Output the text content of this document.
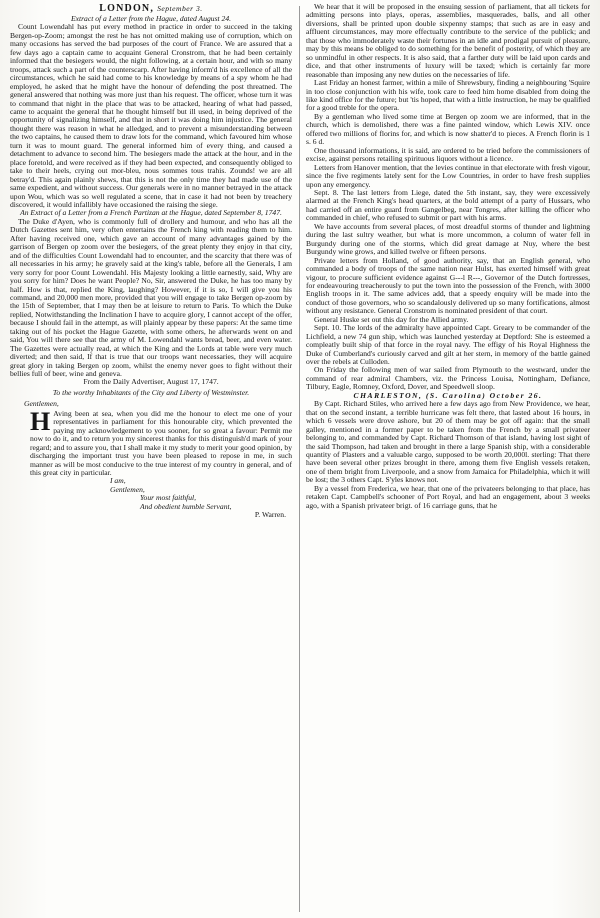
LONDON, September 3.

Extract of a Letter from the Hague, dated August 24.

Count Lowendahl has put every method in practice in order to succeed in the taking Bergen-op-Zoom; amongst the rest he has not omitted making use of corruption, which on many occasions has served the bad purposes of the court of France. We are assured that a few days ago a captain came to acquaint General Cronstrom, that he had been certainly informed that the besiegers would, the night following, at a certain hour, and with so many troops, attack such a part of the counterscarp. After having inform'd his excellence of all the circumstances, which he said had come to his knowledge by means of a spy whom he had employed, he asked that he might have the honour of defending the post threatned. The general answered that nothing was more just than his request. The officer, whose turn it was to command that night in the place that was to be attacked, hearing of what had passed, came to acquaint the general that he thought himself but ill used, in being deprived of the opportunity of signalizing himself, and that in short it was doing him injustice. The general thought there was reason in what he alledged, and to prevent a misunderstanding between the two captains, he caused them to draw lots for the command, which favoured him whose turn it was to mount guard. The general informed him of every thing, and caused a detachment to advance to second him. The besiegers made the attack at the hour, and in the place foretold, and were received as if they had been expected, and consequently obliged to take to their heels, crying out mor-bleu, nous sommes tous trahis. Zounds! we are all betray'd. This again plainly shews, that this is not the only time they had made use of the same expedient, and without success. Our generals were in no manner betrayed in the attack upon Wou, which was so well regulated a scene, that in case it had not been by treachery discovered, it would infallibly have occasioned the raising the siege.

An Extract of a Letter from a French Partizan at the Hague, dated September 8, 1747.

The Duke d'Ayen, who is commonly full of drollery and humour, and who has all the Dutch Gazettes sent him, very often entertains the French king with reading them to him. After having received one, which gave an account of many advantages gained by the garrison of Bergen op zoom over the besiegers, of the great plenty they enjoy in that city, and of the difficulties Count Lowendahl had to encounter, and the scarcity that there was of all necessaries in his army; he gravely said at the king's table, before all the Generals, I am very sorry for poor Count Lowendahl. His Majesty looking a little earnestly, said, Why are you sorry for him? Does he want People? No, Sir, answered the Duke, he has too many by half. How is that, replied the King, laughing? However, if it is so, I will give you his command, and 20,000 men more, provided that you will engage to take Bergen op-zoom by the 15th of September, that I may then be at leisure to return to Paris. To which the Duke replied, Notwithstanding the Inclination I have to acquire glory, I cannot accept of the offer, because I should fail in the attempt, as will plainly appear by these papers: At the same time taking out of his pocket the Hague Gazette, with some others, he afterwards went on and said, You will there see that the army of M. Lowendahl wants bread, beer, and even water. The Gazettes were actually read, at which the King and the Lords at table were very much diverted; and then said, If that is true that our troops want necessaries, they will acquire great glory in taking Bergen op zoom, whilst the enemy never goes to fight without their bellies full of beer, wine and geneva.

From the Daily Advertiser, August 17, 1747.

To the worthy Inhabitants of the City and Liberty of Westminster.

Gentlemen,

H Aving been at sea, when you did me the honour to elect me one of your representatives in parliament for this honourable city, which prevented the paying my acknowledgement to you sooner, for so great a favour: Permit me now to do it, and to return you my sincerest thanks for this distinguish'd mark of your regard; and to assure you, that I shall make it my study to merit your good opinion, by discharging the important trust you have been pleased to repose in me, in such manner as will be most conducive to the true interest of my country in general, and of this great city in particular.

I am,

Gentlemen,

Your most faithful,

And obedient humble Servant,

P. Warren.

We hear that it will be proposed in the ensuing session of parliament, that all tickets for admitting persons into plays, operas, assemblies, masquerades, balls, and all other diversions, shall be printed upon double sixpenny stamps; that such as are in easy and affluent circumstances, may more effectually contribute to the service of the publick; and that those who immoderately waste their fortunes in an idle and prodigal pursuit of pleasure, may by this means be obliged to do something for the benefit of posterity, of which they are so unmindful in other respects. It is also said, that a farther duty will be laid upon cards and dice, and that other instruments of luxury will be taxed; which is certainly far more reasonable than imposing any new duties on the necessaries of life.

Last Friday an honest farmer, within a mile of Shrewsbury, finding a neighbouring 'Squire in too close conjunction with his wife, took care to feed him home disabled from doing the like kind office for the future; but 'tis hoped, that with a little instruction, he may be qualified for a good treble for the opera.

By a gentleman who lived some time at Bergen op zoom we are informed, that in the church, which is demolished, there was a fine painted window, which Lewis XIV. once offered two millions of florins for, and which is now shatter'd to pieces. A French florin is 1 s. 6 d.

One thousand informations, it is said, are ordered to be tried before the commissioners of excise, against persons retailing spirituous liquors without a licence.

Letters from Hanover mention, that the levies continue in that electorate with fresh vigour, since the five regiments lately sent for the Low Countries, in order to have fresh supplies upon any emergency.

Sept. 8. The last letters from Liege, dated the 5th instant, say, they were excessively alarmed at the French King's head quarters, at the bold attempt of a party of Hussars, who had carried off an entire guard from Gangelbeg, near Tongres, after killing the officer who commanded in chief, who refused to submit or part with his arms.

We have accounts from several places, of most dreadful storms of thunder and lightning during the last sultry weather, but what is more uncommon, a column of water fell in Burgundy during one of the storms, which did great damage at Nuy, where the best Burgundy wine grows, and killed twelve or fifteen persons.

Private letters from Holland, of good authority, say, that an English general, who commanded a body of troops of the same nation near Hulst, has exerted himself with great vigour, to procure sufficient evidence against G---l R---, Governor of the Dutch fortresses, for endeavouring treacherously to put the town into the possession of the French, with 3000 English troops in it. The same advices add, that a speedy enquiry will be made into the conduct of those governors, who so scandalously delivered up so many fortifications, almost without any resistance. General Cronstrom is nominated president of that court.

General Huske set out this day for the Allied army.

Sept. 10. The lords of the admiralty have appointed Capt. Greary to be commander of the Lichfield, a new 74 gun ship, which was launched yesterday at Deptford: She is esteemed a compleatly built ship of that force in the royal navy. The effigy of his Royal Highness the Duke of Cumberland's curiously carved and gilt at her stern, in memory of the battle gained over the rebels at Culloden.

On Friday the following men of war sailed from Plymouth to the westward, under the command of rear admiral Chambers, viz. the Princess Louisa, Nottingham, Defiance, Tilbury, Eagle, Romney, Oxford, Dover, and Speedwell sloop.

CHARLESTON, (S. Carolina) October 26.

By Capt. Richard Stiles, who arrived here a few days ago from New Providence, we hear, that on the second instant, a terrible hurricane was felt there, that lasted about 16 hours, in which 6 vessels were drove ashore, but 20 of them may be got off again: that the small galley, mentioned in a former paper to be taken from the French by a small privateer belonging to, and commanded by Capt. Richard Thomson of that island, having lost sight of the said Thompson, had taken and brought in there a large Spanish ship, with a considerable quantity of Plasters and a valuable cargo, supposed to be worth 20,000l. sterling: That there have been several other prizes brought in there, among them five English vessels retaken, one of them bright from Liverpoole, and a snow from Jamaica for Philadelphia, which it will be lost; the 3 others Capt. S'yles knows not.

By a vessel from Frederica, we hear, that one of the privateers belonging to that place, has retaken Capt. Campbell's schooner of Port Royal, and had an engagement, about 3 weeks ago, with a Spanish privateer brigt. of 16 carriage guns, that he
